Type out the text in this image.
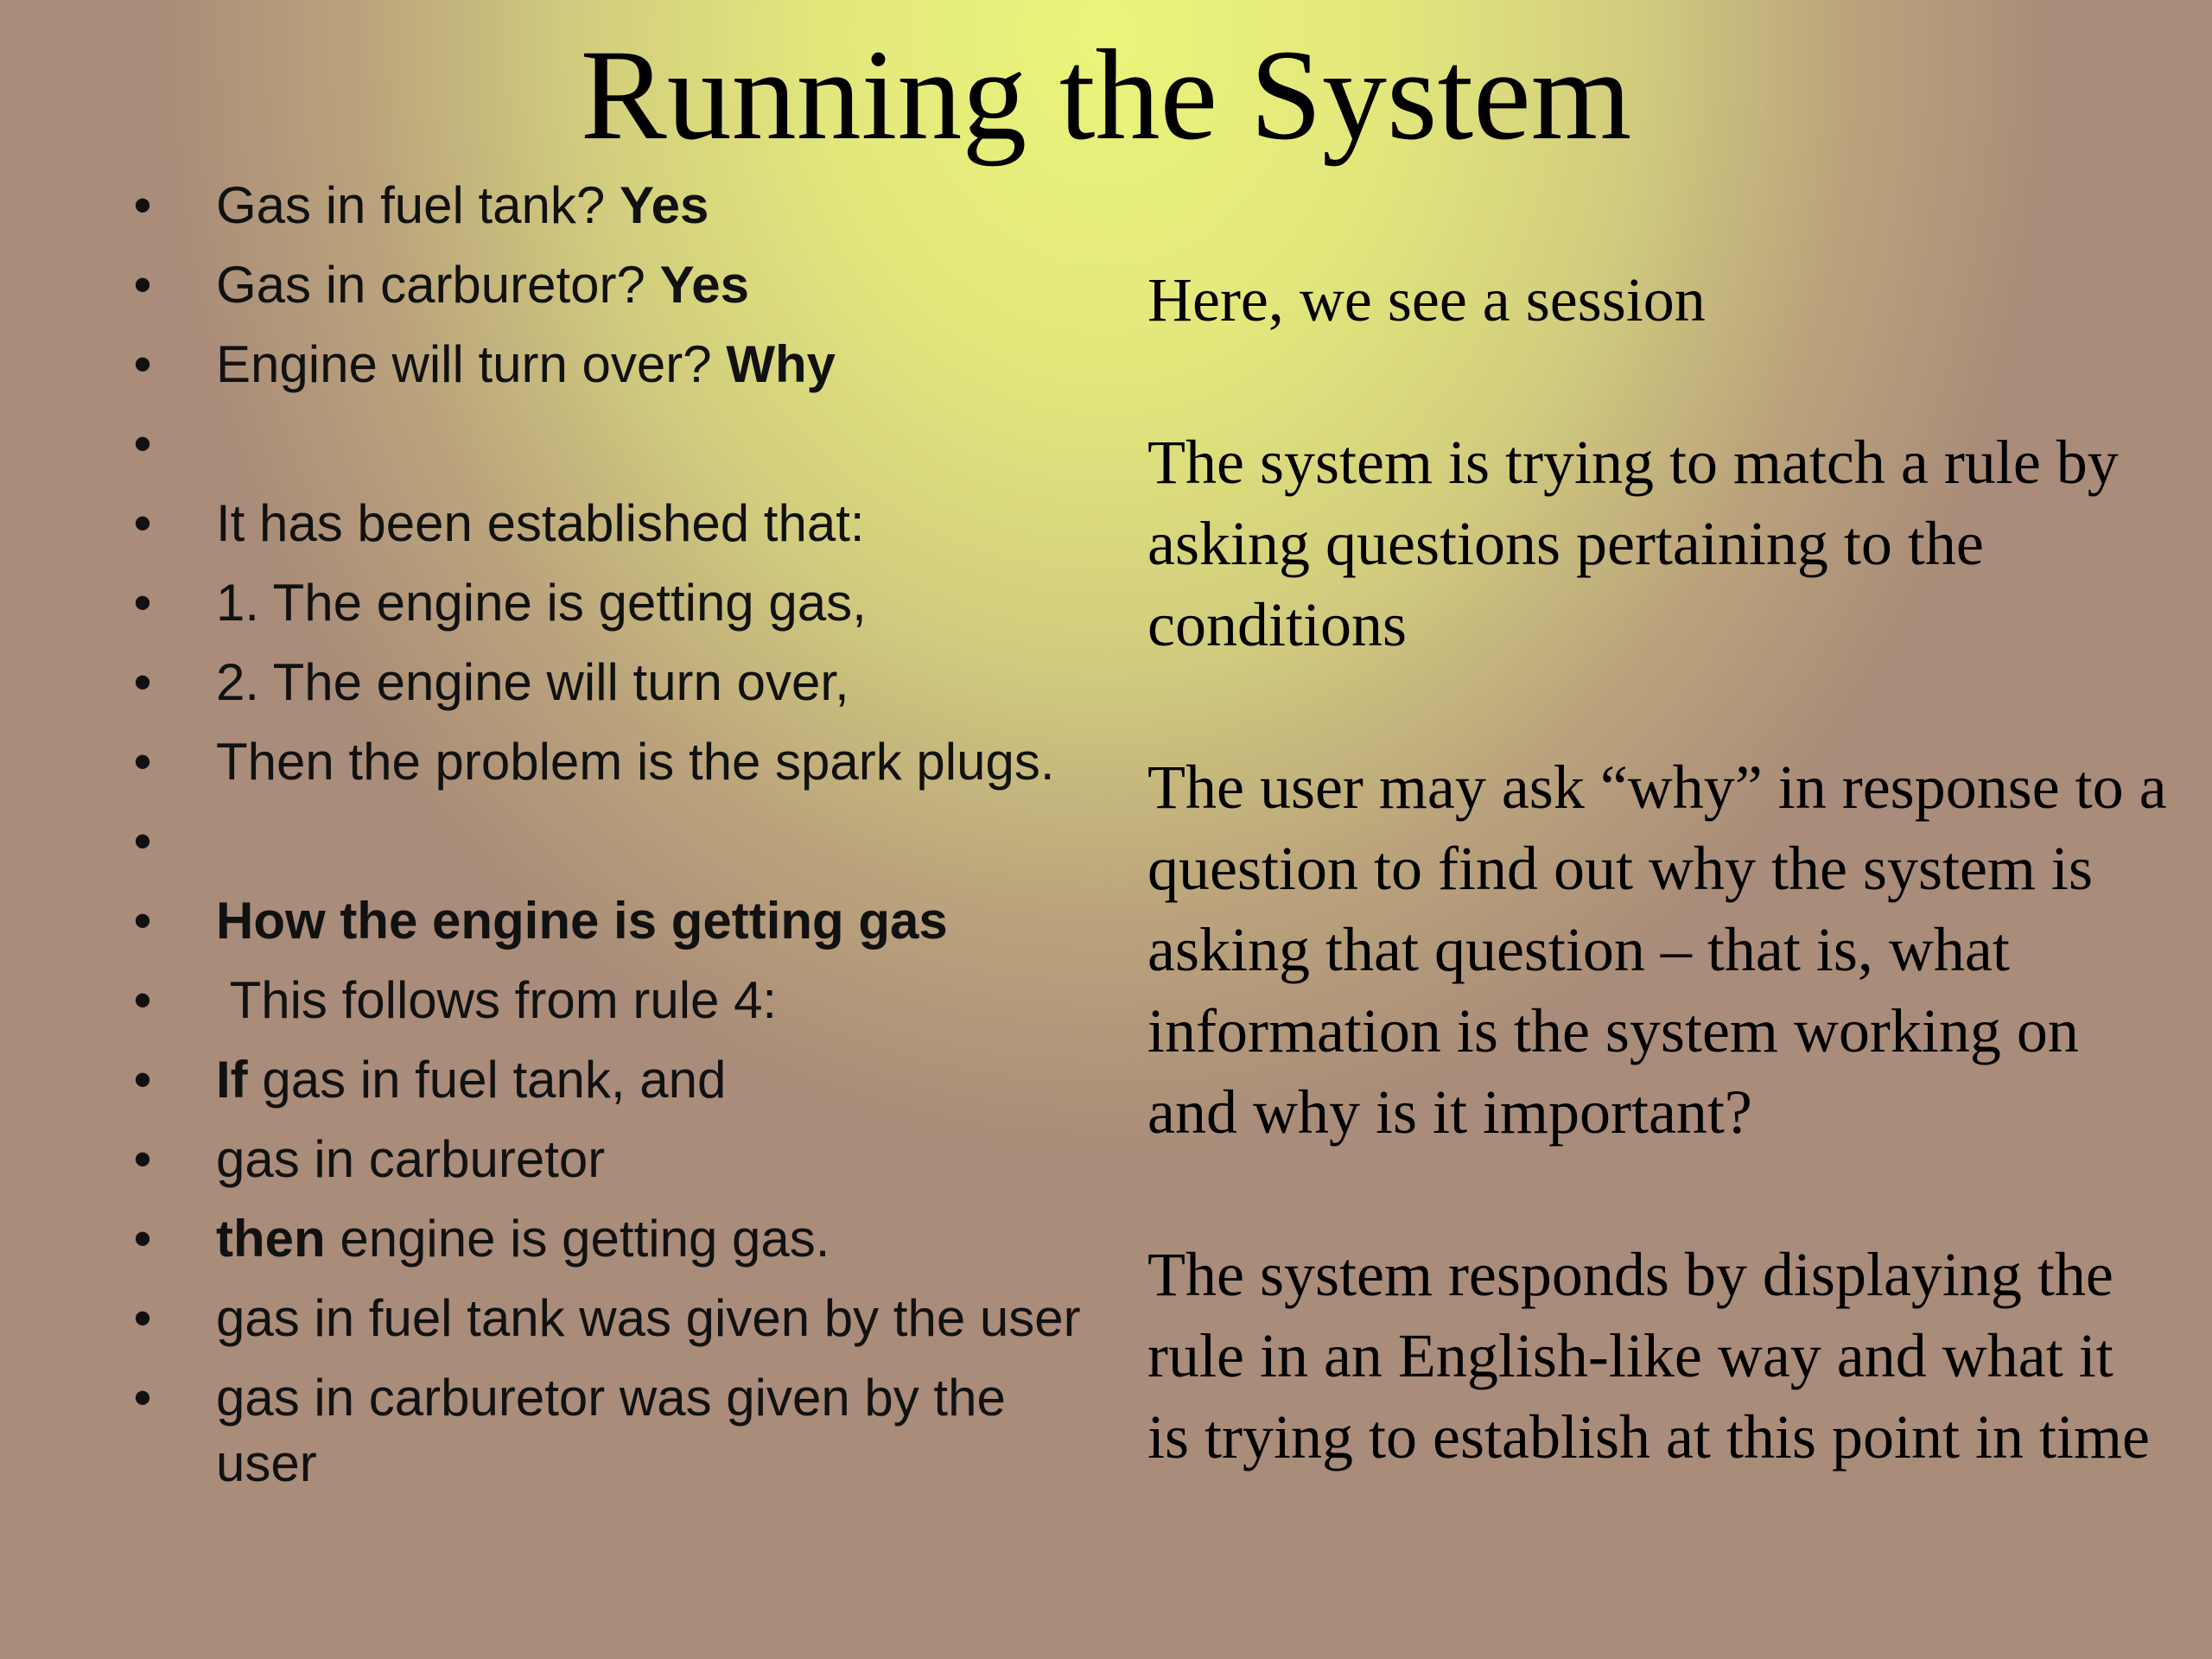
Running the System
• Gas in fuel tank? Yes
• Gas in carburetor? Yes
• Engine will turn over? Why
•
• It has been established that:
• 1. The engine is getting gas,
• 2. The engine will turn over,
• Then the problem is the spark plugs.
•
• How the engine is getting gas
• This follows from rule 4:
• If gas in fuel tank, and
• gas in carburetor
• then engine is getting gas.
• gas in fuel tank was given by the user
• gas in carburetor was given by the user

Here, we see a session

The system is trying to match a rule by asking questions pertaining to the conditions

The user may ask “why” in response to a

question to find out why the system is asking that question – that is, what information is the system working on and why is it important?

The system responds by displaying the rule in an English-like way and what it is trying to establish at this point in time
